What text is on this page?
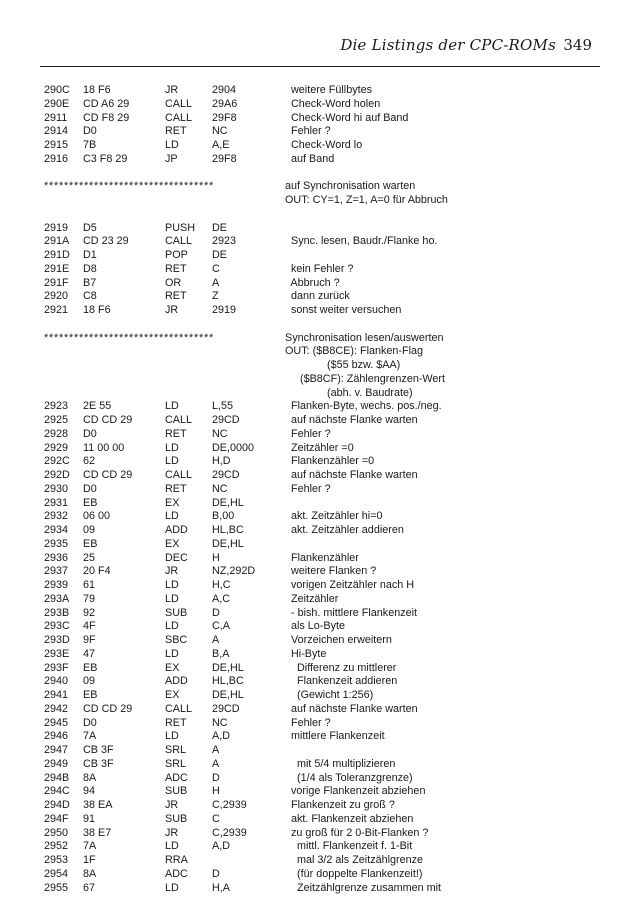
Die Listings der CPC-ROMs 349
290C 18 F6	JR	2904	weitere Füllbytes
290E CD A6 29	CALL 29A6	Check-Word holen
2911 CD F8 29	CALL 29F8	Check-Word hi auf Band
2914 D0	RET NC	Fehler ?
2915 7B	LD	A,E	Check-Word lo
2916 C3 F8 29	JP	29F8	auf Band
**********************************	auf Synchronisation warten
OUT: CY=1, Z=1, A=0 für Abbruch
2919 D5	PUSH DE
291A CD 23 29	CALL 2923	Sync. lesen, Baudr./Flanke ho.
291D D1	POP DE
291E D8	RET C	kein Fehler ?
291F B7	OR	A	Abbruch ?
2920 C8	RET Z	dann zurück
2921 18 F6	JR	2919	sonst weiter versuchen
**********************************	Synchronisation lesen/auswerten
OUT: ($B8CE): Flanken-Flag
($55 bzw. $AA)
($B8CF): Zählengrenzen-Wert
(abh. v. Baudrate)
2923 2E 55	LD	L,55	Flanken-Byte, wechs. pos./neg.
2925 CD CD 29	CALL 29CD	auf nächste Flanke warten
2928 D0	RET NC	Fehler ?
2929 11 00 00	LD	DE,0000	Zeitzähler =0
292C 62	LD	H,D	Flankenzähler =0
292D CD CD 29	CALL 29CD	auf nächste Flanke warten
2930 D0	RET NC	Fehler ?
2931 EB	EX	DE,HL
2932 06 00	LD	B,00	akt. Zeitzähler hi=0
2934 09	ADD HL,BC	akt. Zeitzähler addieren
2935 EB	EX	DE,HL
2936 25	DEC H	Flankenzähler
2937 20 F4	JR	NZ,292D	weitere Flanken ?
2939 61	LD	H,C	vorigen Zeitzähler nach H
293A 79	LD	A,C	Zeitzähler
293B 92	SUB D	- bish. mittlere Flankenzeit
293C 4F	LD	C,A	als Lo-Byte
293D 9F	SBC A	Vorzeichen erweitern
293E 47	LD	B,A	Hi-Byte
293F EB	EX	DE,HL	Differenz zu mittlerer
2940 09	ADD HL,BC	Flankenzeit addieren
2941 EB	EX	DE,HL	(Gewicht 1:256)
2942 CD CD 29	CALL 29CD	auf nächste Flanke warten
2945 D0	RET NC	Fehler ?
2946 7A	LD	A,D	mittlere Flankenzeit
2947 CB 3F	SRL A
2949 CB 3F	SRL A	mit 5/4 multiplizieren
294B 8A	ADC D	(1/4 als Toleranzgrenze)
294C 94	SUB H	vorige Flankenzeit abziehen
294D 38 EA	JR	C,2939	Flankenzeit zu groß ?
294F 91	SUB C	akt. Flankenzeit abziehen
2950 38 E7	JR	C,2939	zu groß für 2 0-Bit-Flanken ?
2952 7A	LD	A,D	mittl. Flankenzeit f. 1-Bit
2953 1F	RRA	mal 3/2 als Zeitzählgrenze
2954 8A	ADC D	(für doppelte Flankenzeit!)
2955 67	LD	H,A	Zeitzählgrenze zusammen mit
